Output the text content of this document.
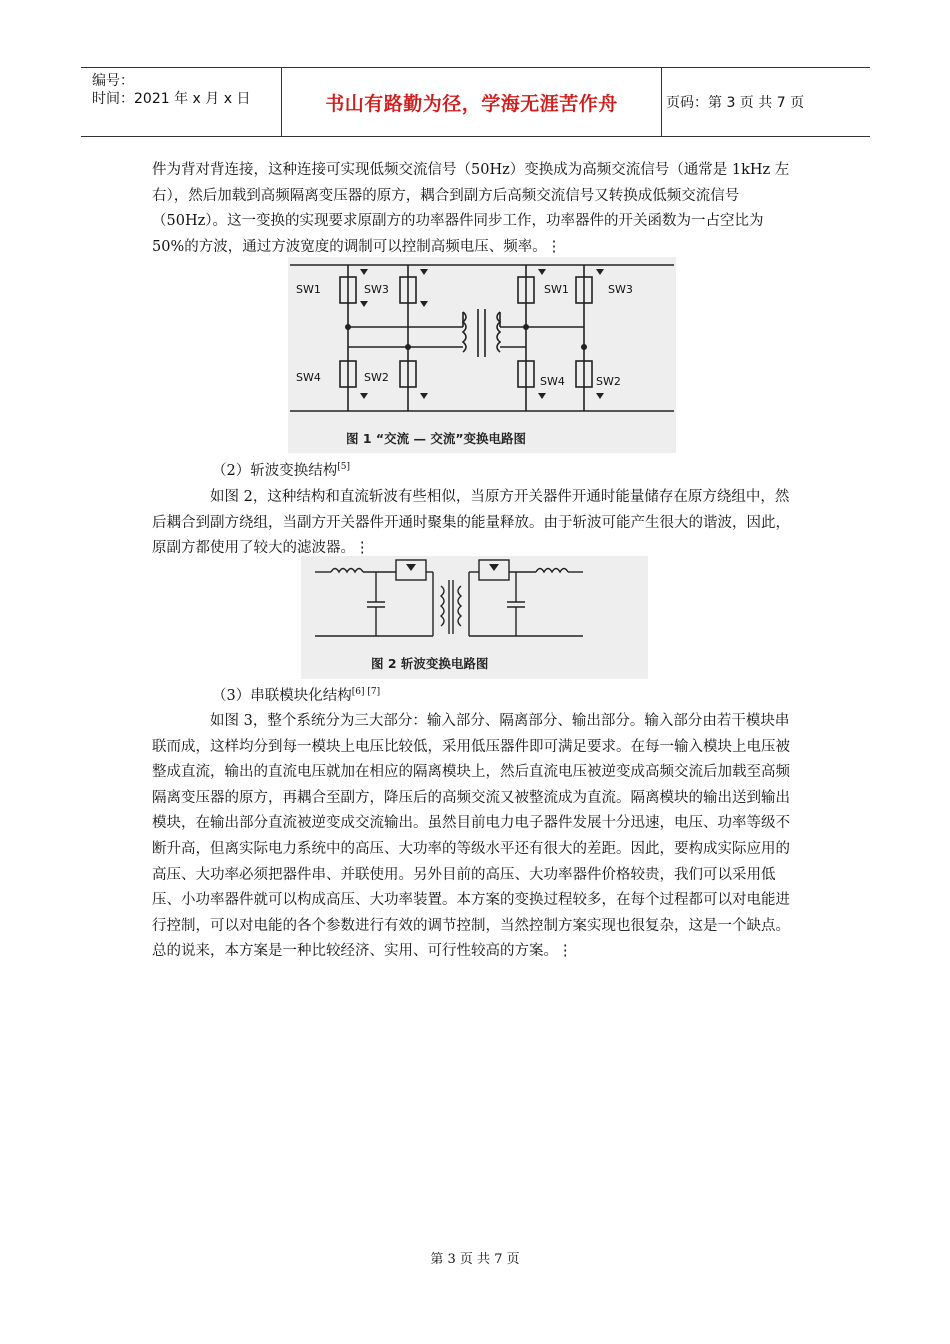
编号：
时间：2021 年 x 月 x 日	书山有路勤为径，学海无涯苦作舟	页码：第 3 页 共 7 页

件为背对背连接，这种连接可实现低频交流信号（50Hz）变换成为高频交流信号（通常是 1kHz 左右），然后加载到高频隔离变压器的原方，耦合到副方后高频交流信号又转换成低频交流信号（50Hz）。这一变换的实现要求原副方的功率器件同步工作，功率器件的开关函数为一占空比为 50%的方波，通过方波宽度的调制可以控制高频电压、频率。⋮

SW1	SW3
SW4	SW2
SW1	SW3
SW4	SW2
图 1 “交流 — 交流”变换电路图
（2）斩波变换结构[5]

如图 2，这种结构和直流斩波有些相似，当原方开关器件开通时能量储存在原方绕组中，然后耦合到副方绕组，当副方开关器件开通时聚集的能量释放。由于斩波可能产生很大的谐波，因此，原副方都使用了较大的滤波器。⋮

图 2 斩波变换电路图
（3）串联模块化结构[6] [7]

如图 3，整个系统分为三大部分：输入部分、隔离部分、输出部分。输入部分由若干模块串联而成，这样均分到每一模块上电压比较低，采用低压器件即可满足要求。在每一输入模块上电压被整成直流，输出的直流电压就加在相应的隔离模块上，然后直流电压被逆变成高频交流后加载至高频隔离变压器的原方，再耦合至副方，降压后的高频交流又被整流成为直流。隔离模块的输出送到输出模块，在输出部分直流被逆变成交流输出。虽然目前电力电子器件发展十分迅速，电压、功率等级不断升高，但离实际电力系统中的高压、大功率的等级水平还有很大的差距。因此，要构成实际应用的高压、大功率必须把器件串、并联使用。另外目前的高压、大功率器件价格较贵，我们可以采用低压、小功率器件就可以构成高压、大功率装置。本方案的变换过程较多，在每个过程都可以对电能进行控制，可以对电能的各个参数进行有效的调节控制，当然控制方案实现也很复杂，这是一个缺点。总的说来，本方案是一种比较经济、实用、可行性较高的方案。⋮

第 3 页 共 7 页
